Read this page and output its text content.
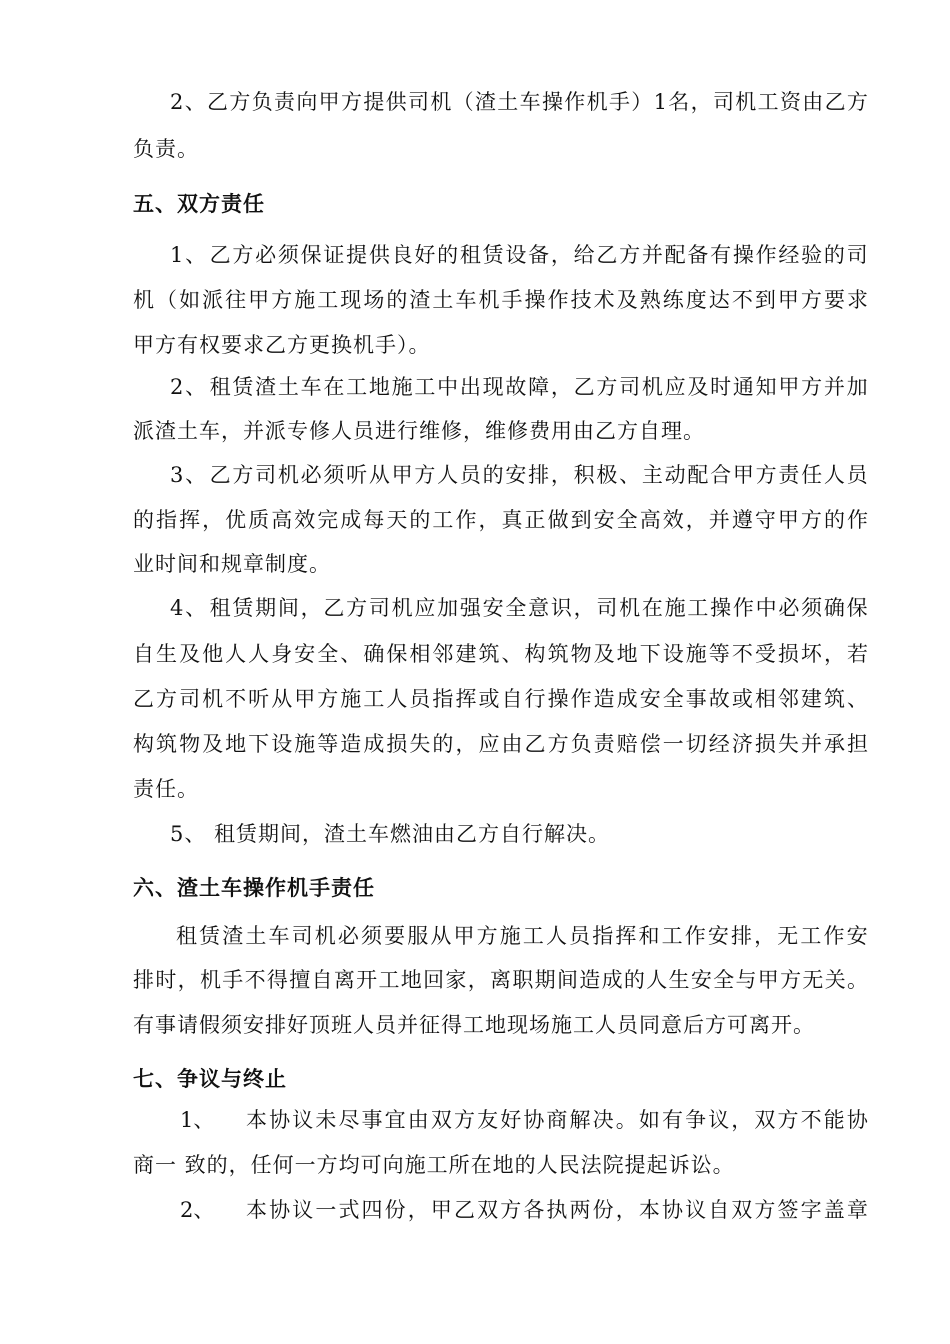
2 、 乙 方 负 责 向 甲 方 提 供 司 机 （ 渣 土 车 操 作 机 手 ） 1 名 ， 司 机 工 资 由 乙 方
负责。
五、双方责任
1 、 乙 方 必 须 保 证 提 供 良 好 的 租 赁 设 备 ， 给 乙 方 并 配 备 有 操 作 经 验 的 司
机 （ 如 派 往 甲 方 施 工 现 场 的 渣 土 车 机 手 操 作 技 术 及 熟 练 度 达 不 到 甲 方 要 求
甲方有权要求乙方更换机手）。
2 、 租 赁 渣 土 车 在 工 地 施 工 中 出 现 故 障 ， 乙 方 司 机 应 及 时 通 知 甲 方 并 加
派渣土车，并派专修人员进行维修，维修费用由乙方自理。
3 、 乙 方 司 机 必 须 听 从 甲 方 人 员 的 安 排 ， 积 极 、 主 动 配 合 甲 方 责 任 人 员
的 指 挥 ， 优 质 高 效 完 成 每 天 的 工 作 ， 真 正 做 到 安 全 高 效 ， 并 遵 守 甲 方 的 作
业时间和规章制度。
4 、 租 赁 期 间 ， 乙 方 司 机 应 加 强 安 全 意 识 ， 司 机 在 施 工 操 作 中 必 须 确 保
自 生 及 他 人 人 身 安 全 、 确 保 相 邻 建 筑 、 构 筑 物 及 地 下 设 施 等 不 受 损 坏 ， 若
乙 方 司 机 不 听 从 甲 方 施 工 人 员 指 挥 或 自 行 操 作 造 成 安 全 事 故 或 相 邻 建 筑 、
构 筑 物 及 地 下 设 施 等 造 成 损 失 的 ， 应 由 乙 方 负 责 赔 偿 一 切 经 济 损 失 并 承 担
责任。
5、 租赁期间，渣土车燃油由乙方自行解决。
六、渣土车操作机手责任
租 赁 渣 土 车 司 机 必 须 要 服 从 甲 方 施 工 人 员 指 挥 和 工 作 安 排 ， 无 工 作 安
排 时 ， 机 手 不 得 擅 自 离 开 工 地 回 家 ， 离 职 期 间 造 成 的 人 生 安 全 与 甲 方 无 关 。
有事请假须安排好顶班人员并征得工地现场施工人员同意后方可离开。
七、争议与终止
1、 本 协 议 未 尽 事 宜 由 双 方 友 好 协 商 解 决 。 如 有 争 议 ， 双 方 不 能 协
商一 致的，任何一方均可向施工所在地的人民法院提起诉讼。
2、 本 协 议 一 式 四 份 ， 甲 乙 双 方 各 执 两 份 ， 本 协 议 自 双 方 签 字 盖 章
